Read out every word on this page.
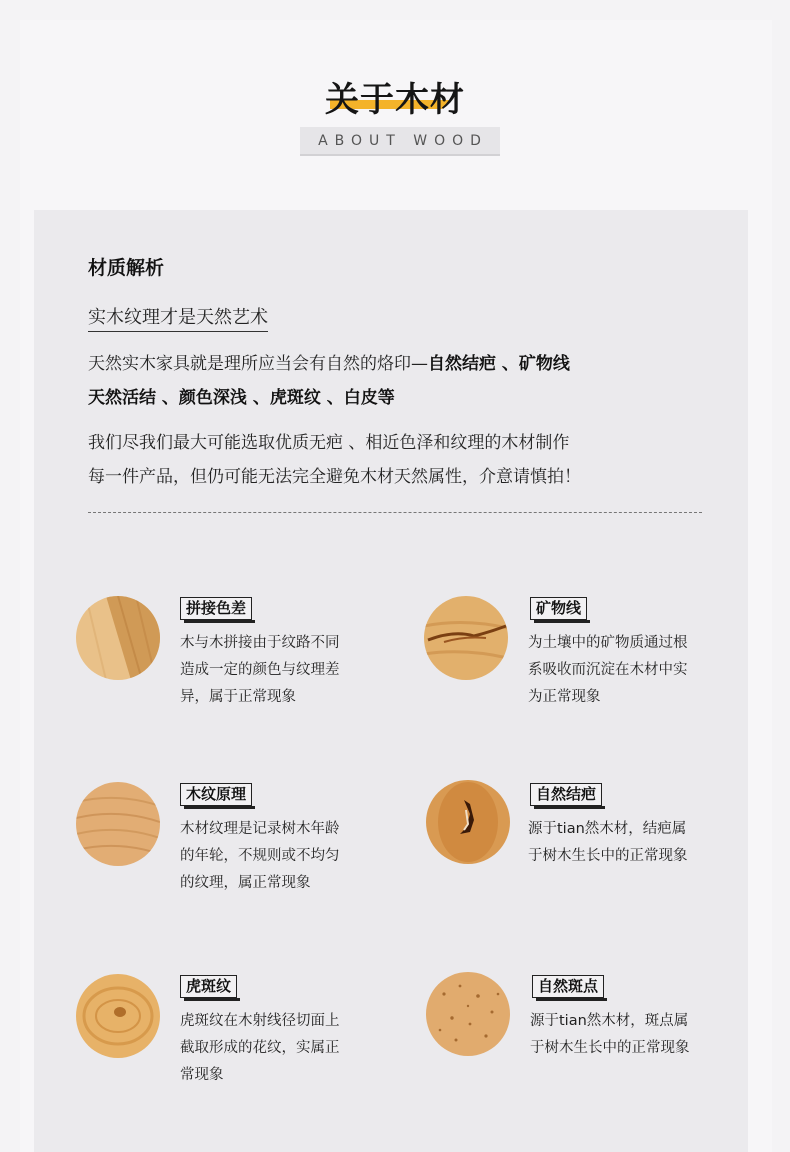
关于木材
ABOUT WOOD
材质解析
实木纹理才是天然艺术
天然实木家具就是理所应当会有自然的烙印—自然结疤 、矿物线
天然活结 、颜色深浅 、虎斑纹 、白皮等
我们尽我们最大可能选取优质无疤 、相近色泽和纹理的木材制作
每一件产品，但仍可能无法完全避免木材天然属性，介意请慎拍！
拼接色差
木与木拼接由于纹路不同
造成一定的颜色与纹理差
异，属于正常现象
矿物线
为土壤中的矿物质通过根
系吸收而沉淀在木材中实
为正常现象
木纹原理
木材纹理是记录树木年龄
的年轮，不规则或不均匀
的纹理，属正常现象
自然结疤
源于tian然木材，结疤属
于树木生长中的正常现象
虎斑纹
虎斑纹在木射线径切面上
截取形成的花纹，实属正
常现象
自然斑点
源于tian然木材，斑点属
于树木生长中的正常现象
